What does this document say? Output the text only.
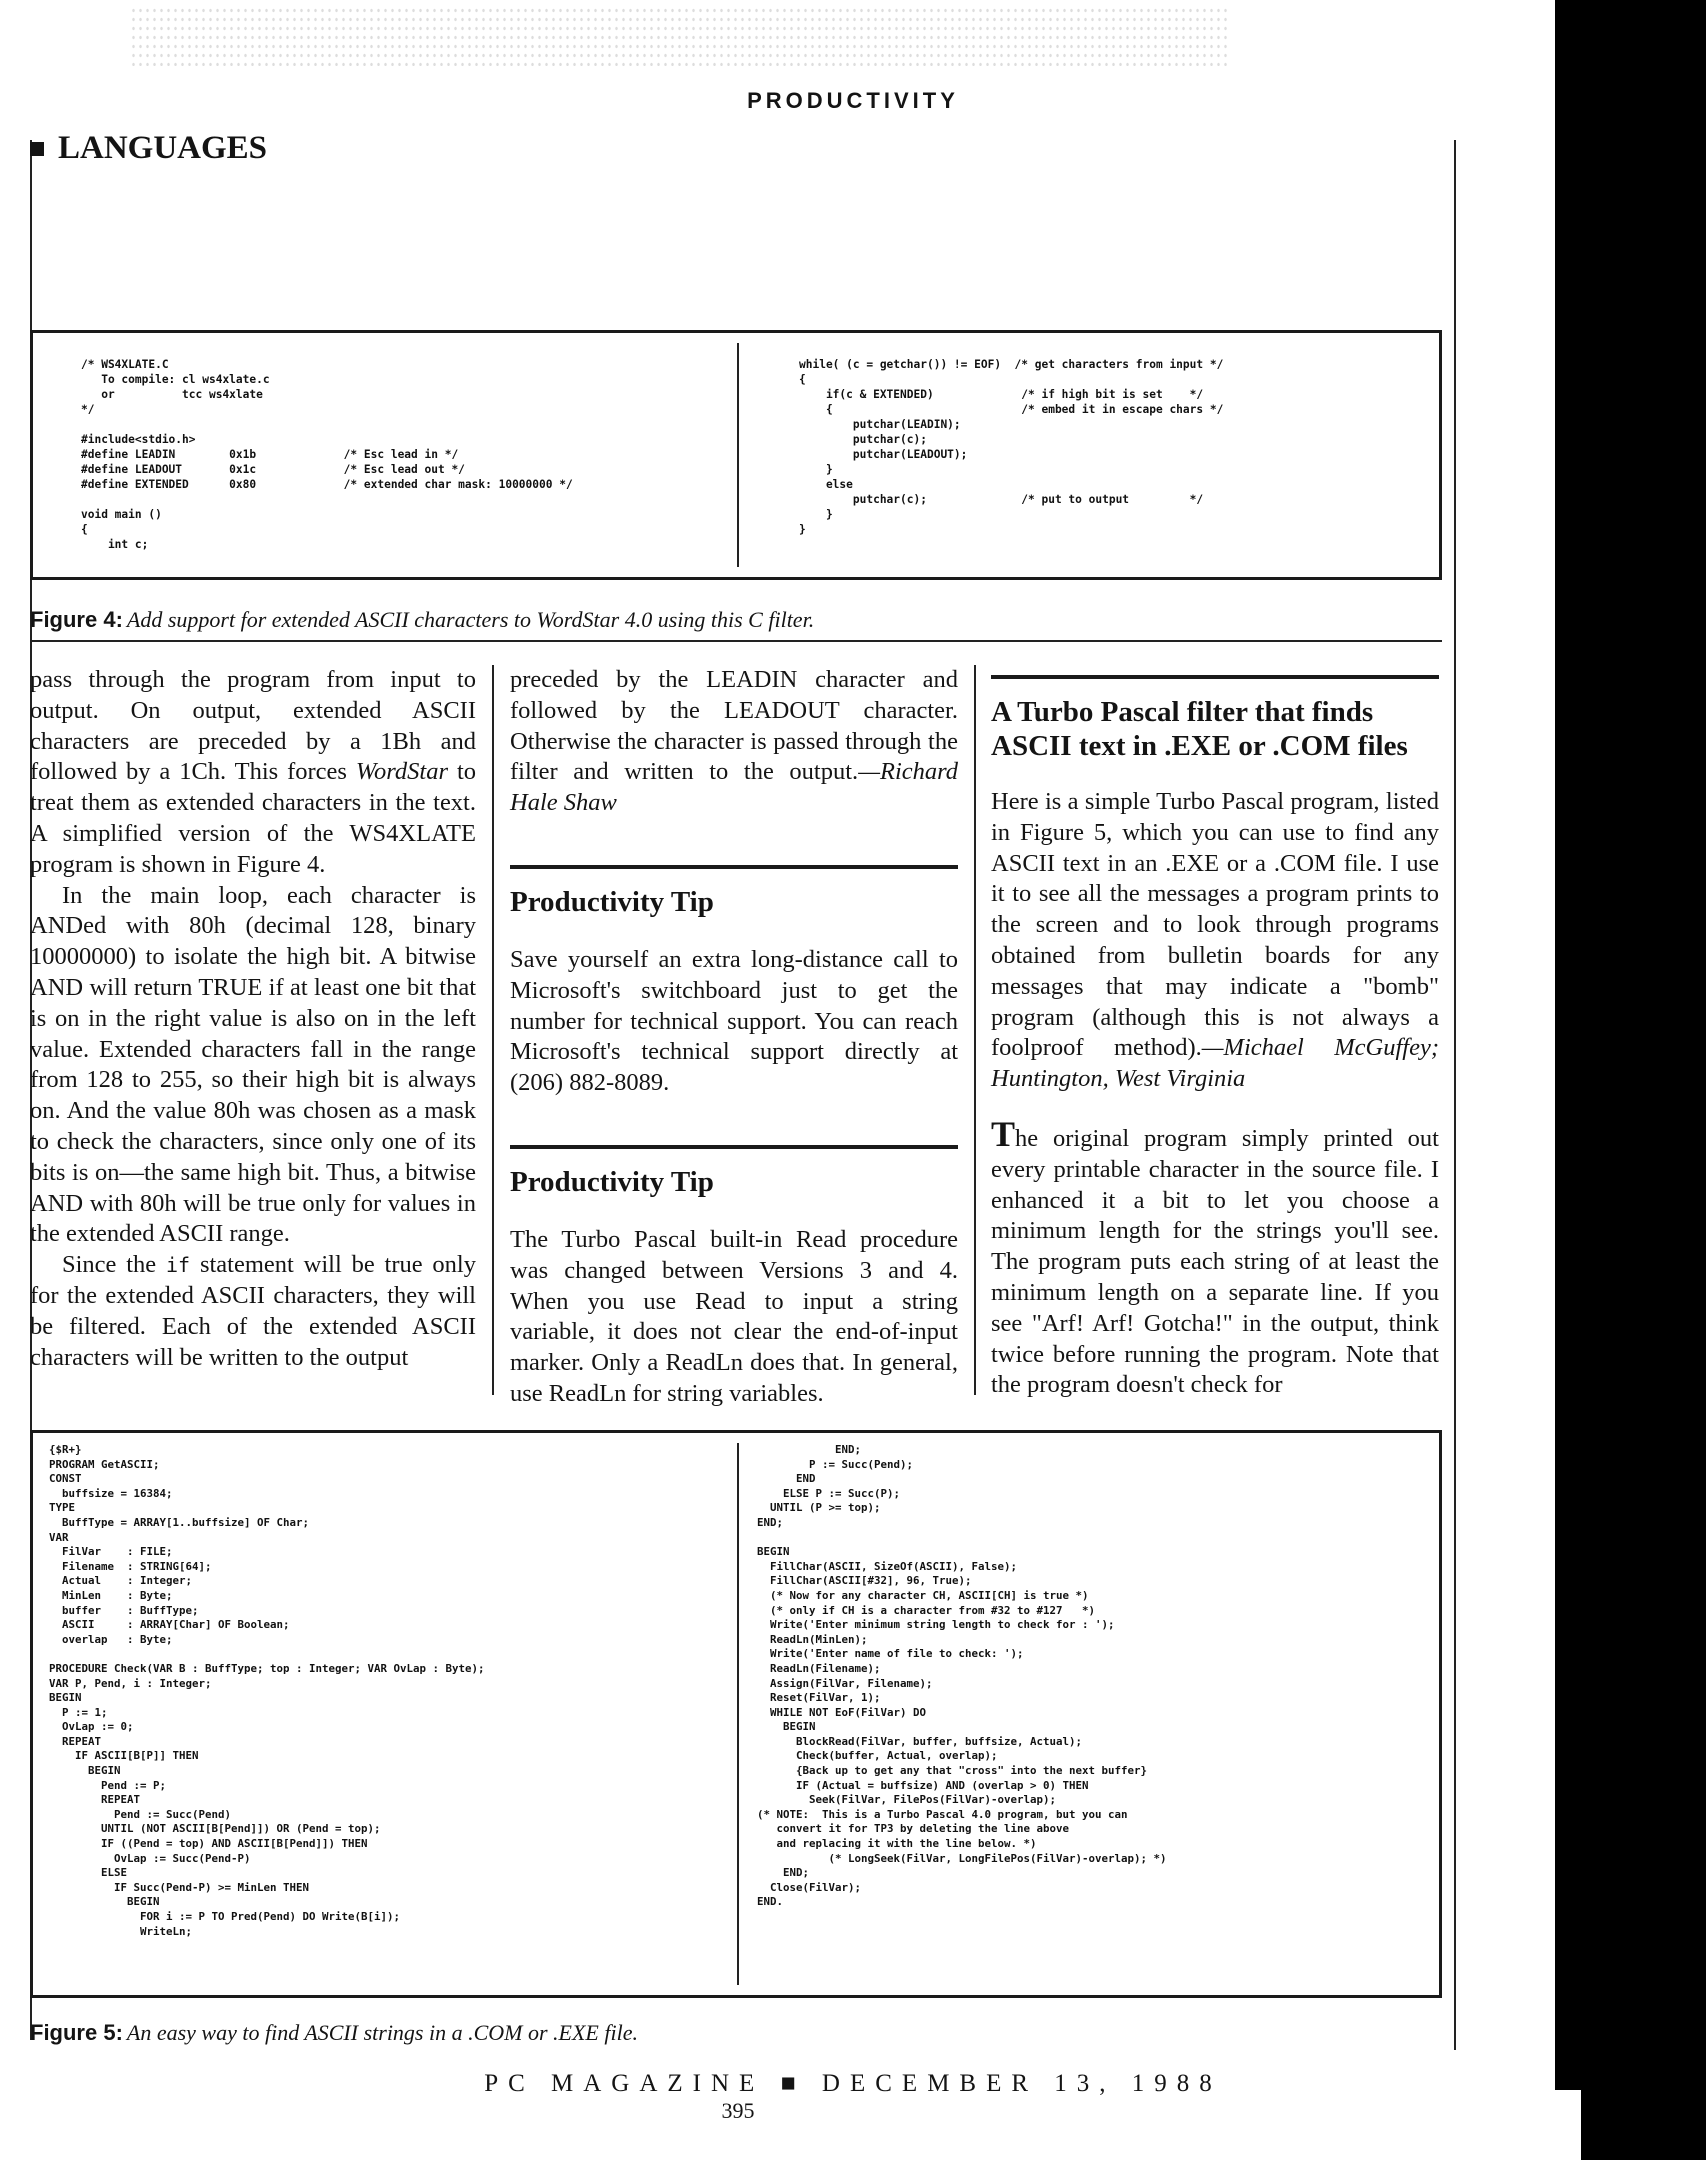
PRODUCTIVITY
LANGUAGES
/* WS4XLATE.C
To compile: cl ws4xlate.c
or          tcc ws4xlate
*/

#include<stdio.h>
#define LEADIN        0x1b             /* Esc lead in */
#define LEADOUT       0x1c             /* Esc lead out */
#define EXTENDED      0x80             /* extended char mask: 10000000 */

void main ()
{
int c;
while( (c = getchar()) != EOF)  /* get characters from input */
{
if(c & EXTENDED)             /* if high bit is set    */
{                            /* embed it in escape chars */
putchar(LEADIN);
putchar(c);
putchar(LEADOUT);
}
else
putchar(c);              /* put to output         */
}
}
Figure 4: Add support for extended ASCII characters to WordStar 4.0 using this C filter.

pass through the program from input to output. On output, extended ASCII characters are preceded by a 1Bh and followed by a 1Ch. This forces WordStar to treat them as extended characters in the text. A simplified version of the WS4XLATE program is shown in Figure 4.

In the main loop, each character is ANDed with 80h (decimal 128, binary 10000000) to isolate the high bit. A bitwise AND will return TRUE if at least one bit that is on in the right value is also on in the left value. Extended characters fall in the range from 128 to 255, so their high bit is always on. And the value 80h was chosen as a mask to check the characters, since only one of its bits is on—the same high bit. Thus, a bitwise AND with 80h will be true only for values in the extended ASCII range.

Since the if statement will be true only for the extended ASCII characters, they will be filtered. Each of the extended ASCII characters will be written to the output

preceded by the LEADIN character and followed by the LEADOUT character. Otherwise the character is passed through the filter and written to the output.—Richard Hale Shaw

Productivity Tip

Save yourself an extra long-distance call to Microsoft's switchboard just to get the number for technical support. You can reach Microsoft's technical support directly at (206) 882-8089.

Productivity Tip

The Turbo Pascal built-in Read procedure was changed between Versions 3 and 4. When you use Read to input a string variable, it does not clear the end-of-input marker. Only a ReadLn does that. In general, use ReadLn for string variables.

A Turbo Pascal filter that finds ASCII text in .EXE or .COM files

Here is a simple Turbo Pascal program, listed in Figure 5, which you can use to find any ASCII text in an .EXE or a .COM file. I use it to see all the messages a program prints to the screen and to look through programs obtained from bulletin boards for any messages that may indicate a "bomb" program (although this is not always a foolproof method).—Michael McGuffey; Huntington, West Virginia

The original program simply printed out every printable character in the source file. I enhanced it a bit to let you choose a minimum length for the strings you'll see. The program puts each string of at least the minimum length on a separate line. If you see "Arf! Arf! Gotcha!" in the output, think twice before running the program. Note that the program doesn't check for

{$R+}
PROGRAM GetASCII;
CONST
buffsize = 16384;
TYPE
BuffType = ARRAY[1..buffsize] OF Char;
VAR
FilVar    : FILE;
Filename  : STRING[64];
Actual    : Integer;
MinLen    : Byte;
buffer    : BuffType;
ASCII     : ARRAY[Char] OF Boolean;
overlap   : Byte;

PROCEDURE Check(VAR B : BuffType; top : Integer; VAR OvLap : Byte);
VAR P, Pend, i : Integer;
BEGIN
P := 1;
OvLap := 0;
REPEAT
IF ASCII[B[P]] THEN
BEGIN
Pend := P;
REPEAT
Pend := Succ(Pend)
UNTIL (NOT ASCII[B[Pend]]) OR (Pend = top);
IF ((Pend = top) AND ASCII[B[Pend]]) THEN
OvLap := Succ(Pend-P)
ELSE
IF Succ(Pend-P) >= MinLen THEN
BEGIN
FOR i := P TO Pred(Pend) DO Write(B[i]);
WriteLn;
END;
P := Succ(Pend);
END
ELSE P := Succ(P);
UNTIL (P >= top);
END;

BEGIN
FillChar(ASCII, SizeOf(ASCII), False);
FillChar(ASCII[#32], 96, True);
(* Now for any character CH, ASCII[CH] is true *)
(* only if CH is a character from #32 to #127   *)
Write('Enter minimum string length to check for : ');
ReadLn(MinLen);
Write('Enter name of file to check: ');
ReadLn(Filename);
Assign(FilVar, Filename);
Reset(FilVar, 1);
WHILE NOT EoF(FilVar) DO
BEGIN
BlockRead(FilVar, buffer, buffsize, Actual);
Check(buffer, Actual, overlap);
{Back up to get any that "cross" into the next buffer}
IF (Actual = buffsize) AND (overlap > 0) THEN
Seek(FilVar, FilePos(FilVar)-overlap);
(* NOTE:  This is a Turbo Pascal 4.0 program, but you can
convert it for TP3 by deleting the line above
and replacing it with the line below. *)
(* LongSeek(FilVar, LongFilePos(FilVar)-overlap); *)
END;
Close(FilVar);
END.
Figure 5: An easy way to find ASCII strings in a .COM or .EXE file.
PC MAGAZINE ■ DECEMBER 13, 1988
395
